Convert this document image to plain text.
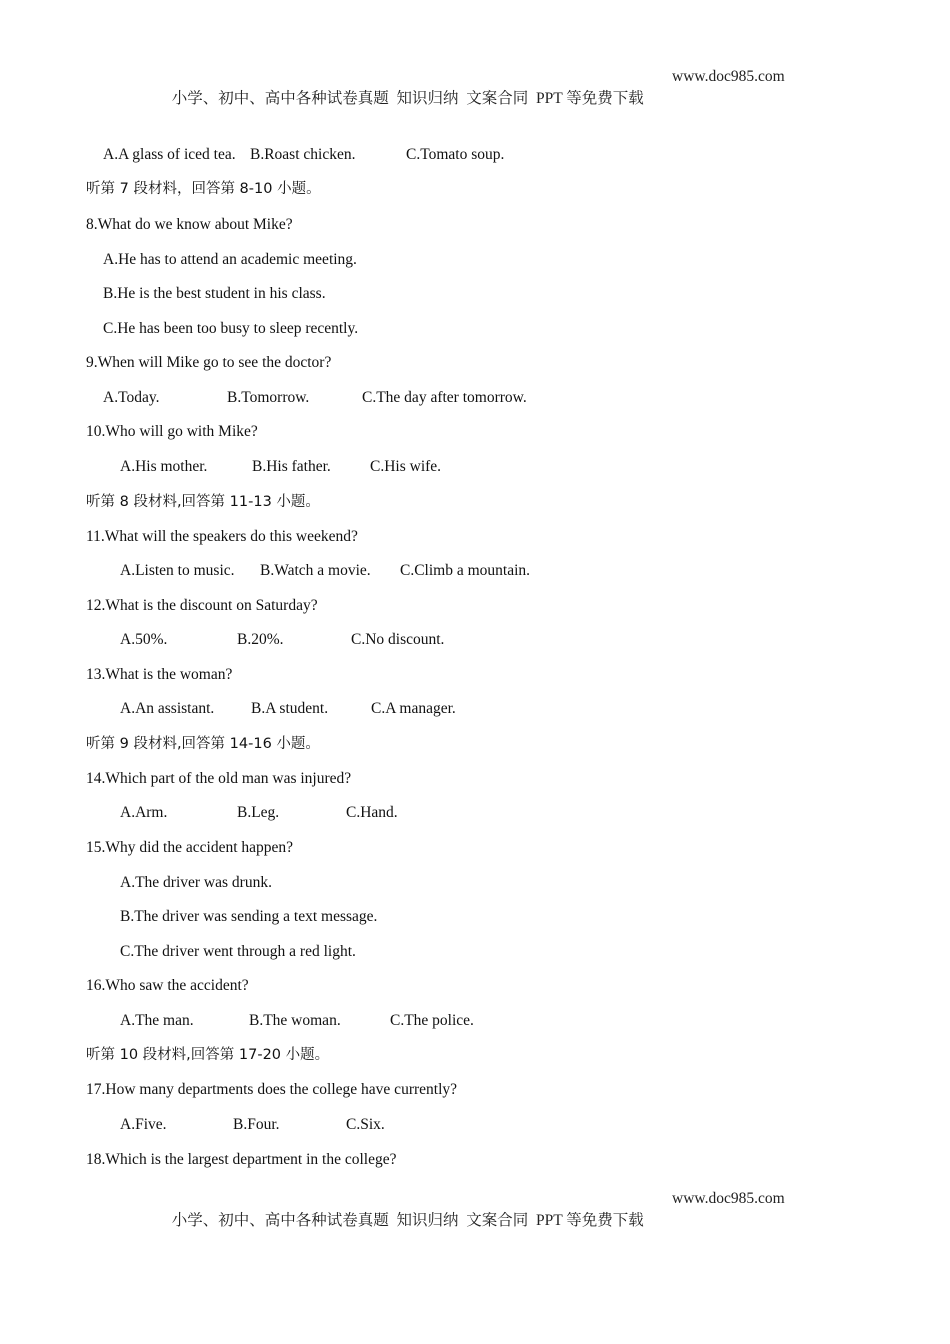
小学、初中、高中各种试卷真题  知识归纳  文案合同  PPT 等免费下载

www.doc985.com

A.A glass of iced tea. B.Roast chicken.	C.Tomato soup.
听第 7 段材料，回答第 8-10 小题。
8.What do we know about Mike?
A.He has to attend an academic meeting.
B.He is the best student in his class.
C.He has been too busy to sleep recently.
9.When will Mike go to see the doctor?
A.Today.	B.Tomorrow.	C.The day after tomorrow.
10.Who will go with Mike?
A.His mother.	B.His father.	C.His wife.
听第 8 段材料,回答第 11-13 小题。
11.What will the speakers do this weekend?
A.Listen to music. B.Watch a movie. C.Climb a mountain.
12.What is the discount on Saturday?
A.50%.	B.20%.	C.No discount.
13.What is the woman?
A.An assistant. B.A student.	C.A manager.
听第 9 段材料,回答第 14-16 小题。
14.Which part of the old man was injured?
A.Arm.	B.Leg.	C.Hand.
15.Why did the accident happen?
A.The driver was drunk.
B.The driver was sending a text message.
C.The driver went through a red light.
16.Who saw the accident?
A.The man.	B.The woman.	C.The police.
听第 10 段材料,回答第 17-20 小题。
17.How many departments does the college have currently?
A.Five.	B.Four.	C.Six.
18.Which is the largest department in the college?

小学、初中、高中各种试卷真题  知识归纳  文案合同  PPT 等免费下载

www.doc985.com
